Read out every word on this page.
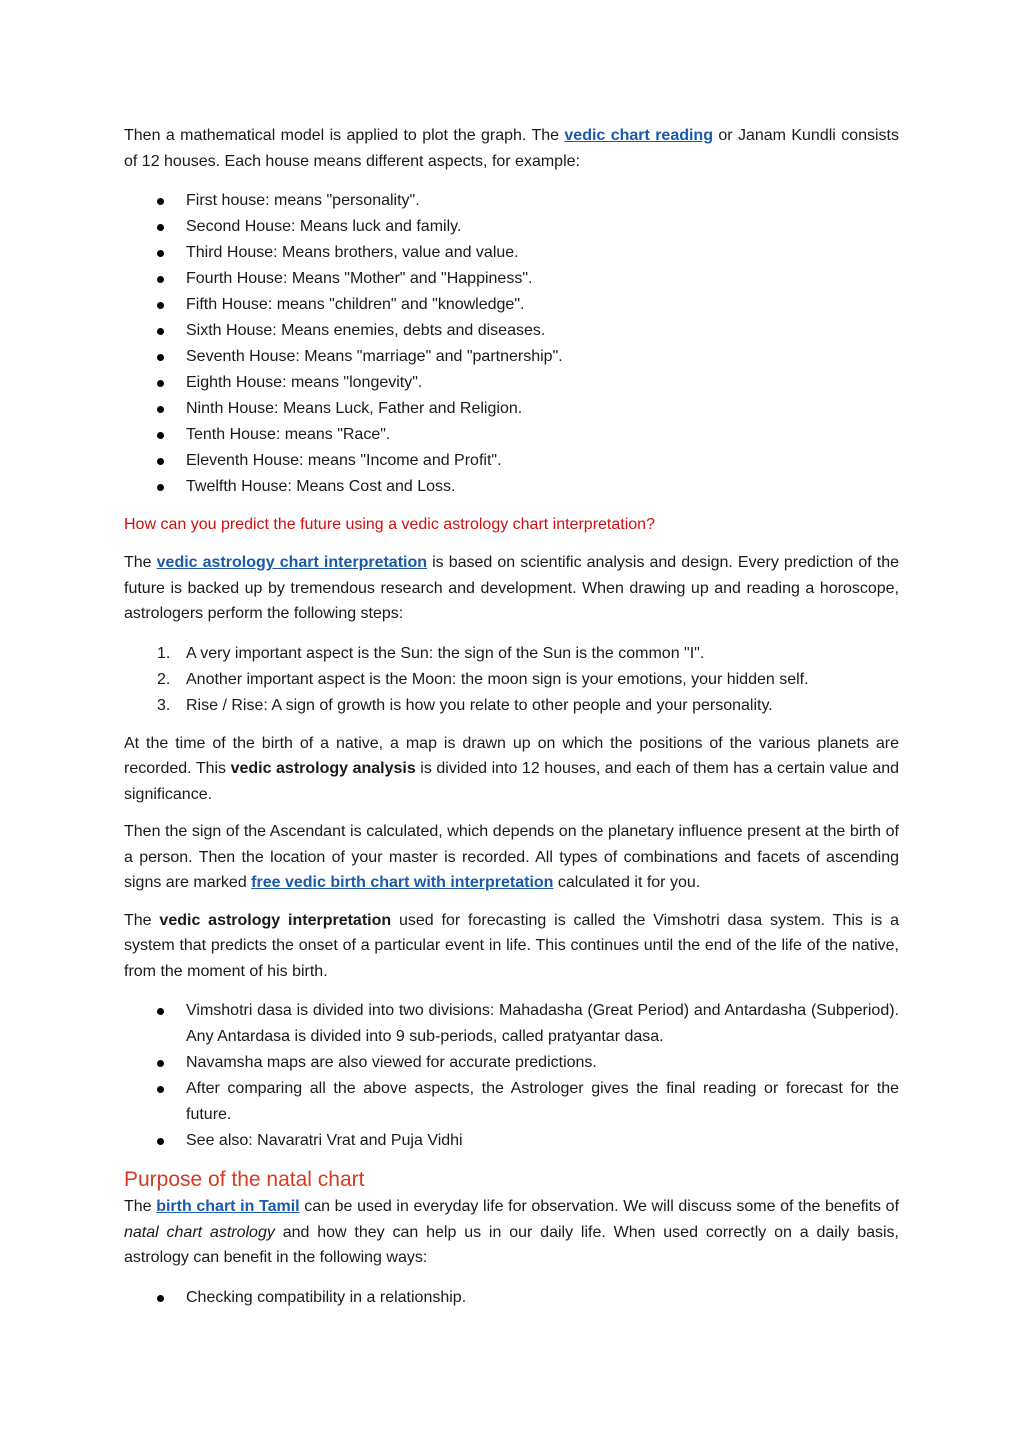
Then a mathematical model is applied to plot the graph. The vedic chart reading or Janam Kundli consists of 12 houses. Each house means different aspects, for example:

First house: means "personality".
Second House: Means luck and family.
Third House: Means brothers, value and value.
Fourth House: Means "Mother" and "Happiness".
Fifth House: means "children" and "knowledge".
Sixth House: Means enemies, debts and diseases.
Seventh House: Means "marriage" and "partnership".
Eighth House: means "longevity".
Ninth House: Means Luck, Father and Religion.
Tenth House: means "Race".
Eleventh House: means "Income and Profit".
Twelfth House: Means Cost and Loss.

How can you predict the future using a vedic astrology chart interpretation?

The vedic astrology chart interpretation is based on scientific analysis and design. Every prediction of the future is backed up by tremendous research and development. When drawing up and reading a horoscope, astrologers perform the following steps:

1. A very important aspect is the Sun: the sign of the Sun is the common "I".
2. Another important aspect is the Moon: the moon sign is your emotions, your hidden self.
3. Rise / Rise: A sign of growth is how you relate to other people and your personality.

At the time of the birth of a native, a map is drawn up on which the positions of the various planets are recorded. This vedic astrology analysis is divided into 12 houses, and each of them has a certain value and significance.

Then the sign of the Ascendant is calculated, which depends on the planetary influence present at the birth of a person. Then the location of your master is recorded. All types of combinations and facets of ascending signs are marked free vedic birth chart with interpretation calculated it for you.

The vedic astrology interpretation used for forecasting is called the Vimshotri dasa system. This is a system that predicts the onset of a particular event in life. This continues until the end of the life of the native, from the moment of his birth.

Vimshotri dasa is divided into two divisions: Mahadasha (Great Period) and Antardasha (Subperiod). Any Antardasa is divided into 9 sub-periods, called pratyantar dasa.
Navamsha maps are also viewed for accurate predictions.
After comparing all the above aspects, the Astrologer gives the final reading or forecast for the future.
See also: Navaratri Vrat and Puja Vidhi
Purpose of the natal chart

The birth chart in Tamil can be used in everyday life for observation. We will discuss some of the benefits of natal chart astrology and how they can help us in our daily life. When used correctly on a daily basis, astrology can benefit in the following ways:

Checking compatibility in a relationship.
